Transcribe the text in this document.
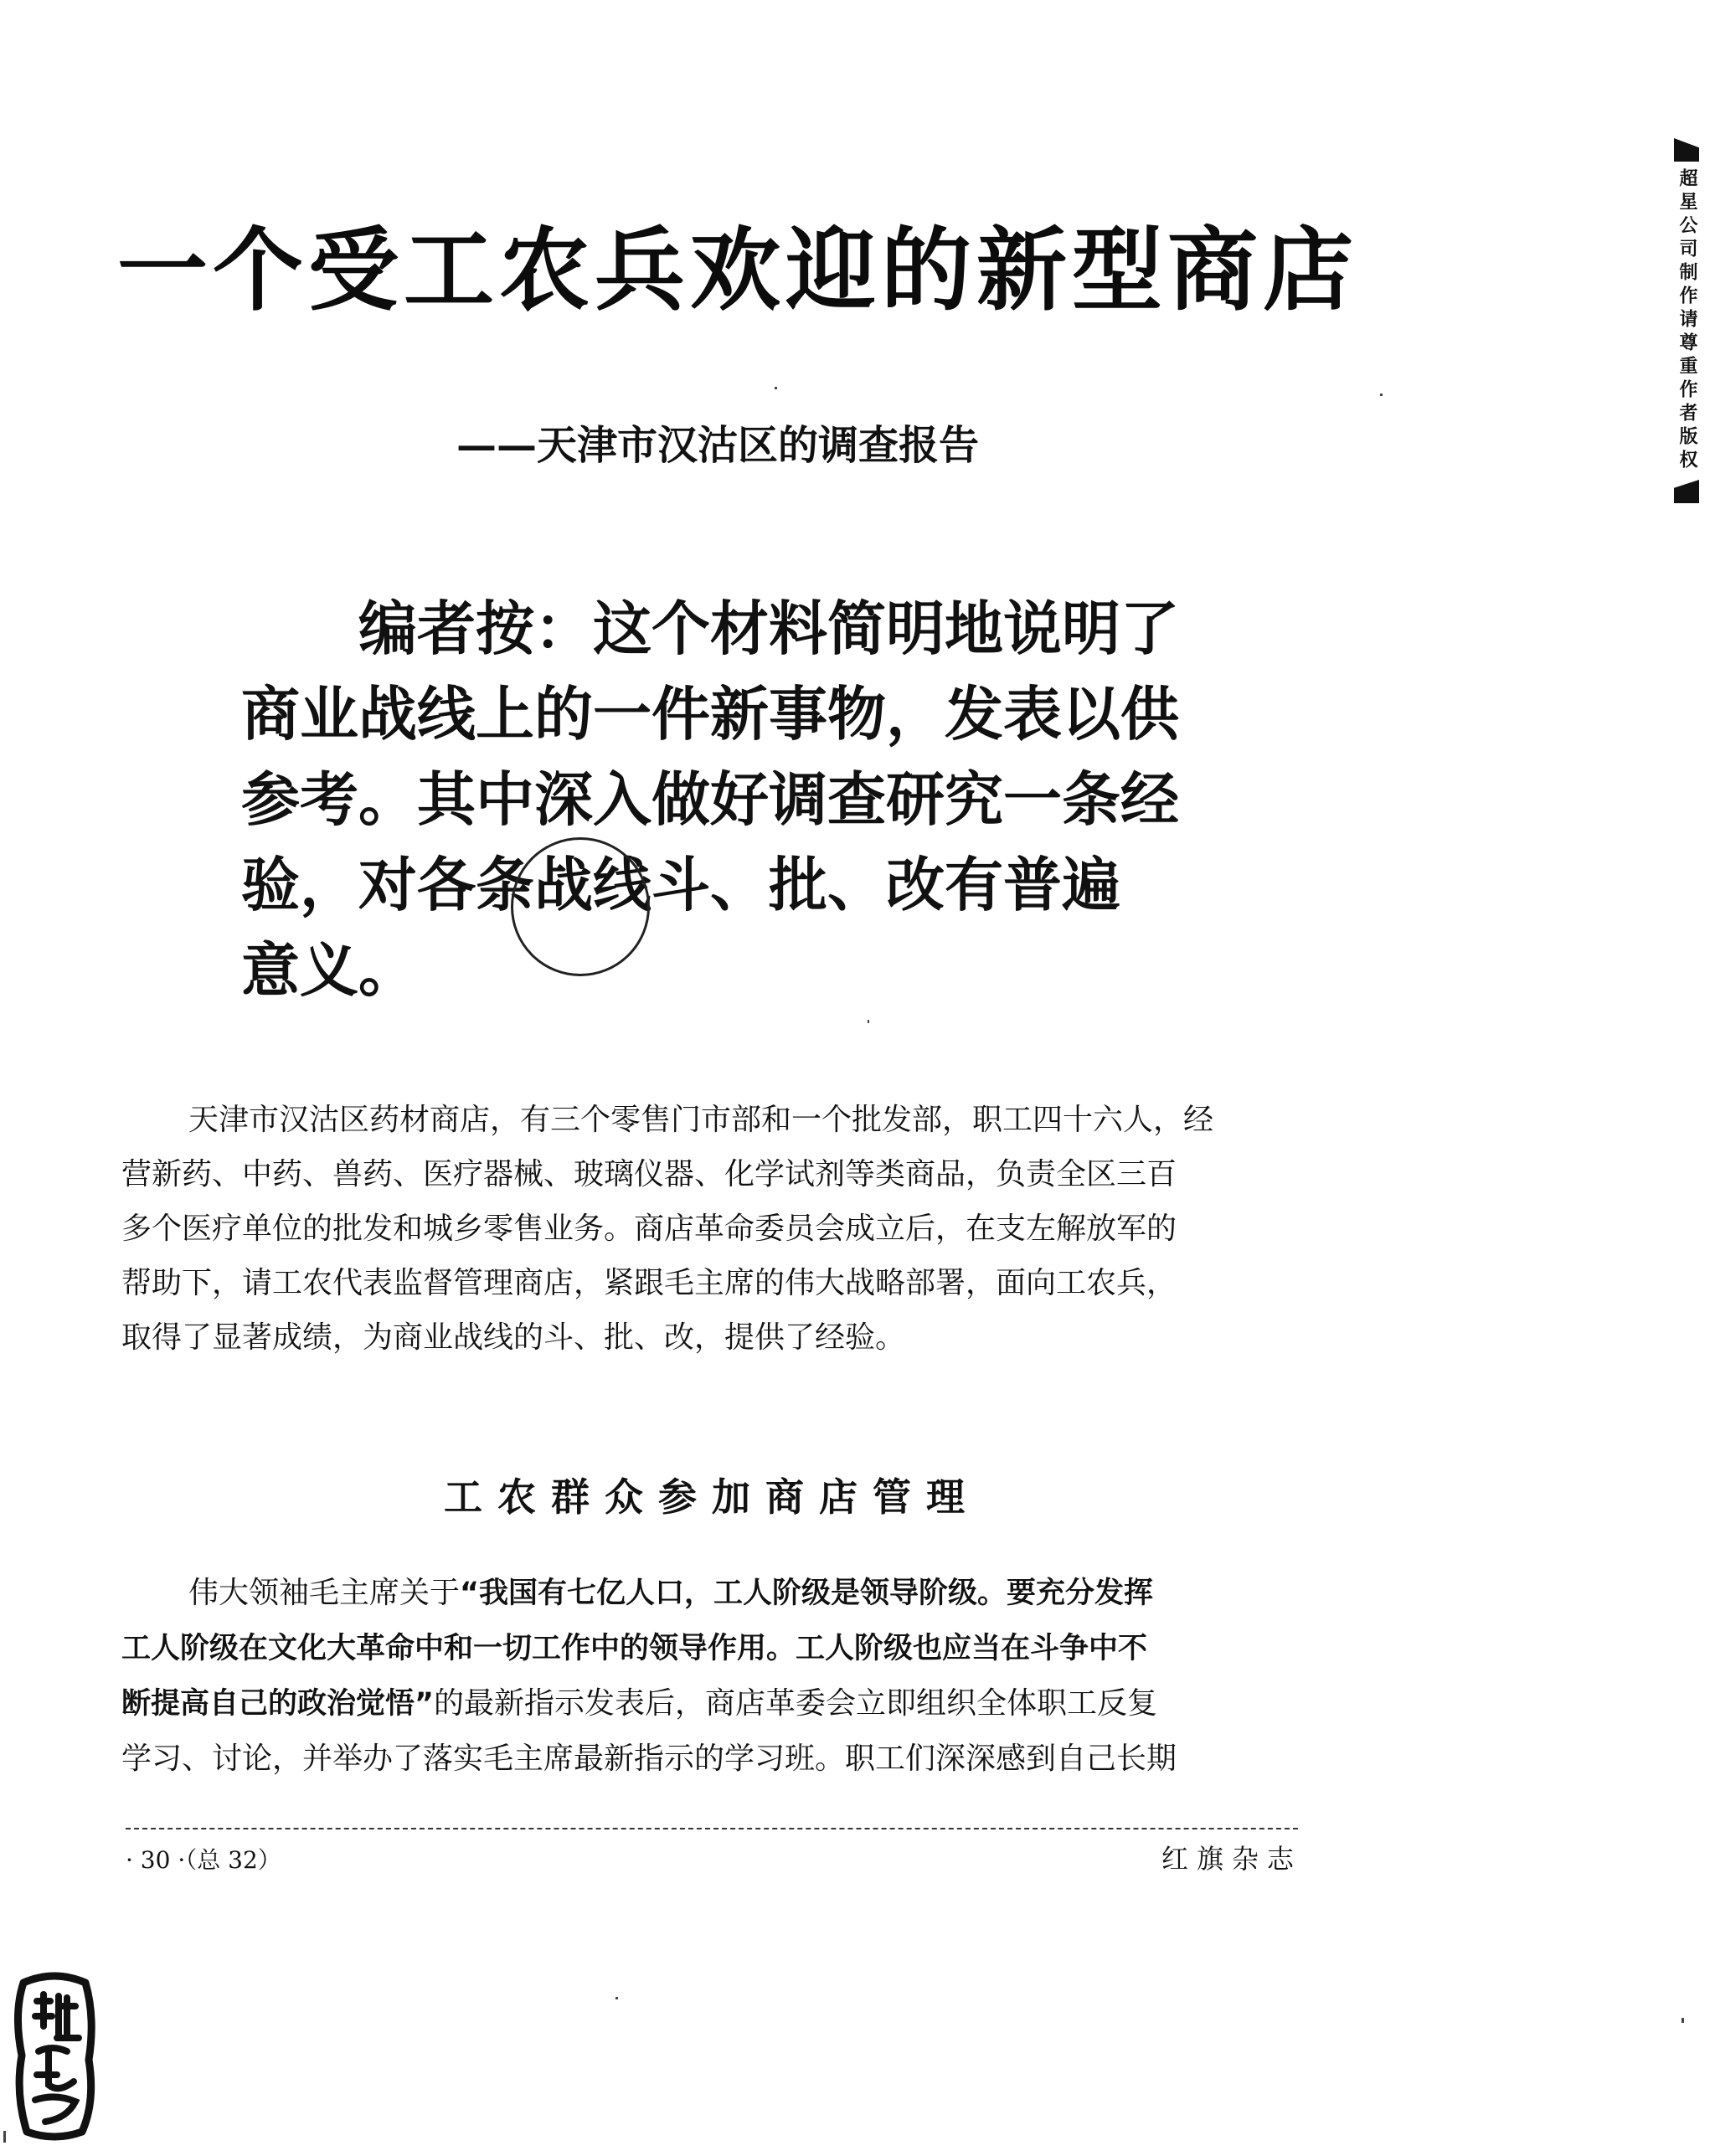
一个受工农兵欢迎的新型商店
——天津市汉沽区的调查报告

编者按：这个材料简明地说明了

商业战线上的一件新事物，发表以供

参考。其中深入做好调查研究一条经

验，对各条战线斗、批、改有普遍

意义。

天津市汉沽区药材商店，有三个零售门市部和一个批发部，职工四十六人，经

营新药、中药、兽药、医疗器械、玻璃仪器、化学试剂等类商品，负责全区三百

多个医疗单位的批发和城乡零售业务。商店革命委员会成立后，在支左解放军的

帮助下，请工农代表监督管理商店，紧跟毛主席的伟大战略部署，面向工农兵，

取得了显著成绩，为商业战线的斗、批、改，提供了经验。

工农群众参加商店管理

伟大领袖毛主席关于“我国有七亿人口，工人阶级是领导阶级。要充分发挥

工人阶级在文化大革命中和一切工作中的领导作用。工人阶级也应当在斗争中不

断提高自己的政治觉悟”的最新指示发表后，商店革委会立即组织全体职工反复

学习、讨论，并举办了落实毛主席最新指示的学习班。职工们深深感到自己长期

· 30 ·（总 32）	红旗杂志
超星公司制作请尊重作者版权
